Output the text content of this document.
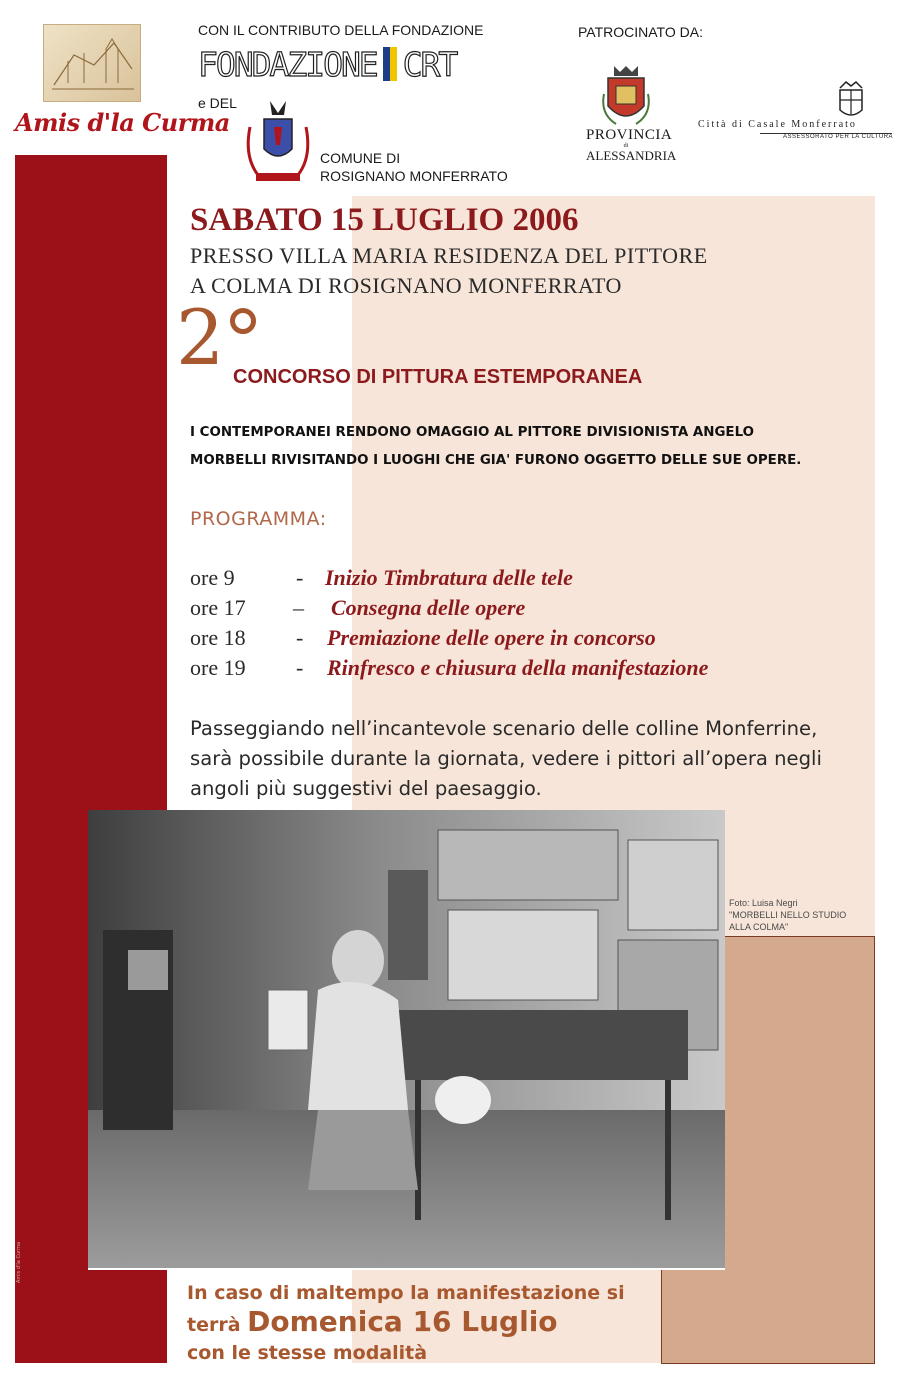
Amis d'la Curma
CON IL CONTRIBUTO DELLA FONDAZIONE
FONDAZIONE CRT
e DEL
COMUNE DI
ROSIGNANO MONFERRATO
PATROCINATO DA:
PROVINCIA
di
ALESSANDRIA
Città di Casale Monferrato
ASSESSORATO PER LA CULTURA
SABATO 15 LUGLIO 2006
PRESSO VILLA MARIA RESIDENZA DEL PITTORE
A COLMA DI ROSIGNANO MONFERRATO
2 CONCORSO DI PITTURA ESTEMPORANEA
I CONTEMPORANEI RENDONO OMAGGIO AL PITTORE DIVISIONISTA ANGELO
MORBELLI RIVISITANDO I LUOGHI CHE GIA' FURONO OGGETTO DELLE SUE OPERE.
PROGRAMMA:
ore 9	- Inizio Timbratura delle tele
ore 17 – Consegna delle opere
ore 18 - Premiazione delle opere in concorso
ore 19 - Rinfresco e chiusura della manifestazione
Passeggiando nell’incantevole scenario delle colline Monferrine,
sarà possibile durante la giornata, vedere i pittori all’opera negli
angoli più suggestivi del paesaggio.
Foto: Luisa Negri
"MORBELLI NELLO STUDIO
ALLA COLMA"
Amis d'la Curma
In caso di maltempo la manifestazione si
terrà Domenica 16 Luglio
con le stesse modalità
